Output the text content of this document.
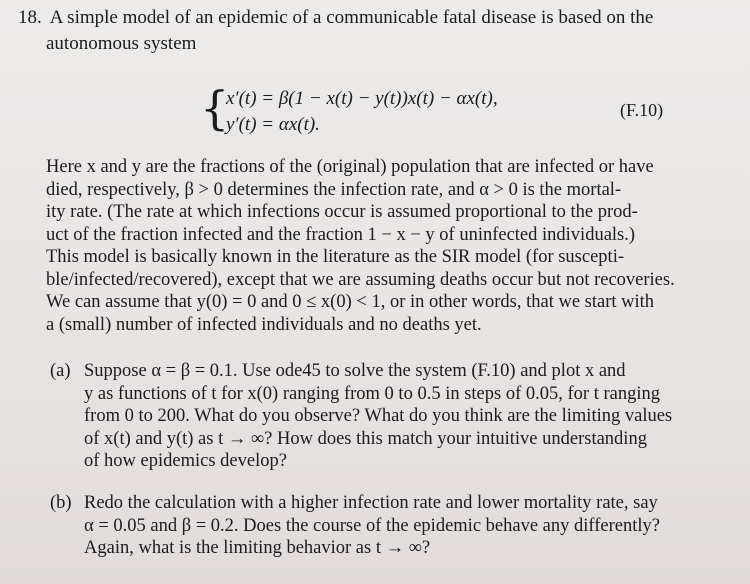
18. A simple model of an epidemic of a communicable fatal disease is based on the
autonomous system
{
x′(t) = β(1 − x(t) − y(t))x(t) − αx(t),
y′(t) = αx(t).
(F.10)

Here x and y are the fractions of the (original) population that are infected or have

died, respectively, β > 0 determines the infection rate, and α > 0 is the mortal-

ity rate. (The rate at which infections occur is assumed proportional to the prod-

uct of the fraction infected and the fraction 1 − x − y of uninfected individuals.)

This model is basically known in the literature as the SIR model (for suscepti-

ble/infected/recovered), except that we are assuming deaths occur but not recoveries.

We can assume that y(0) = 0 and 0 ≤ x(0) < 1, or in other words, that we start with

a (small) number of infected individuals and no deaths yet.

(a) Suppose α = β = 0.1. Use ode45 to solve the system (F.10) and plot x and

y as functions of t for x(0) ranging from 0 to 0.5 in steps of 0.05, for t ranging

from 0 to 200. What do you observe? What do you think are the limiting values

of x(t) and y(t) as t → ∞? How does this match your intuitive understanding

of how epidemics develop?

(b) Redo the calculation with a higher infection rate and lower mortality rate, say

α = 0.05 and β = 0.2. Does the course of the epidemic behave any differently?

Again, what is the limiting behavior as t → ∞?
